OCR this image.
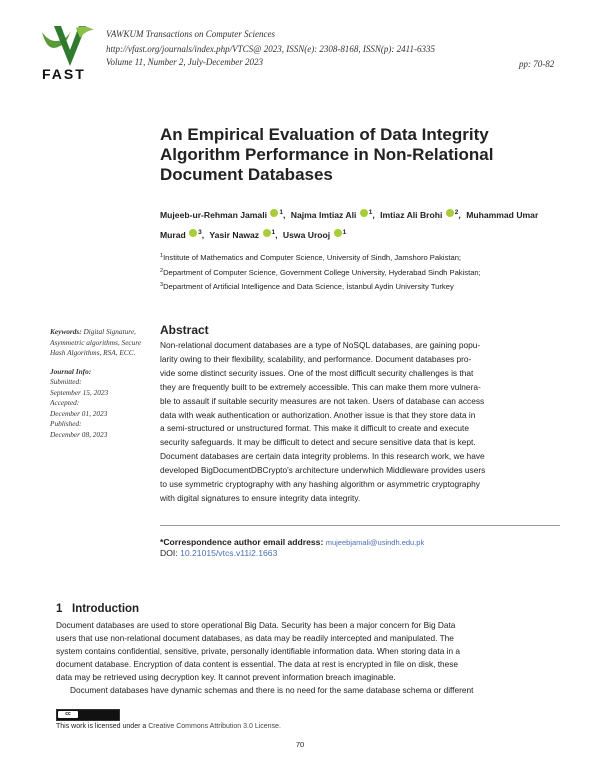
FAST
VAWKUM Transactions on Computer Sciences
http://vfast.org/journals/index.php/VTCS@ 2023, ISSN(e): 2308-8168, ISSN(p): 2411-6335
Volume 11, Number 2, July-December 2023	pp: 70-82
An Empirical Evaluation of Data Integrity
Algorithm Performance in Non-Relational
Document Databases
Mujeeb-ur-Rehman Jamali $^1$, Najma Imtiaz Ali $^1$, Imtiaz Ali Brohi $^2$, Muhammad Umar Murad $^3$, Yasir Nawaz $^1$, Uswa Urooj $^1$
$^1$Institute of Mathematics and Computer Science, University of Sindh, Jamshoro Pakistan;
$^2$Department of Computer Science, Government College University, Hyderabad Sindh Pakistan;
$^3$Department of Artificial Intelligence and Data Science, İstanbul Aydin University Turkey
Keywords: Digital Signature, Asymmetric algorithms, Secure Hash Algorithms, RSA, ECC.
Journal Info:
Submitted:
September 15, 2023
Accepted:
December 01, 2023
Published:
December 08, 2023
Abstract
Non-relational document databases are a type of NoSQL databases, are gaining popu-
larity owing to their flexibility, scalability, and performance. Document databases pro-
vide some distinct security issues. One of the most difficult security challenges is that
they are frequently built to be extremely accessible. This can make them more vulnera-
ble to assault if suitable security measures are not taken. Users of database can access
data with weak authentication or authorization. Another issue is that they store data in
a semi-structured or unstructured format. This make it difficult to create and execute
security safeguards. It may be difficult to detect and secure sensitive data that is kept.
Document databases are certain data integrity problems. In this research work, we have
developed BigDocumentDBCrypto's architecture underwhich Middleware provides users
to use symmetric cryptography with any hashing algorithm or asymmetric cryptography
with digital signatures to ensure integrity data integrity.
*Correspondence author email address: mujeebjamali@usindh.edu.pk
DOI: 10.21015/vtcs.v11i2.1663
1 Introduction
Document databases are used to store operational Big Data. Security has been a major concern for Big Data
users that use non-relational document databases, as data may be readily intercepted and manipulated. The
system contains confidential, sensitive, private, personally identifiable information data. When storing data in a
document database. Encryption of data content is essential. The data at rest is encrypted in file on disk, these
data may be retrieved using decryption key. It cannot prevent information breach imaginable.
Document databases have dynamic schemas and there is no need for the same database schema or different
cc
This work is licensed under a Creative Commons Attribution 3.0 License.
70
